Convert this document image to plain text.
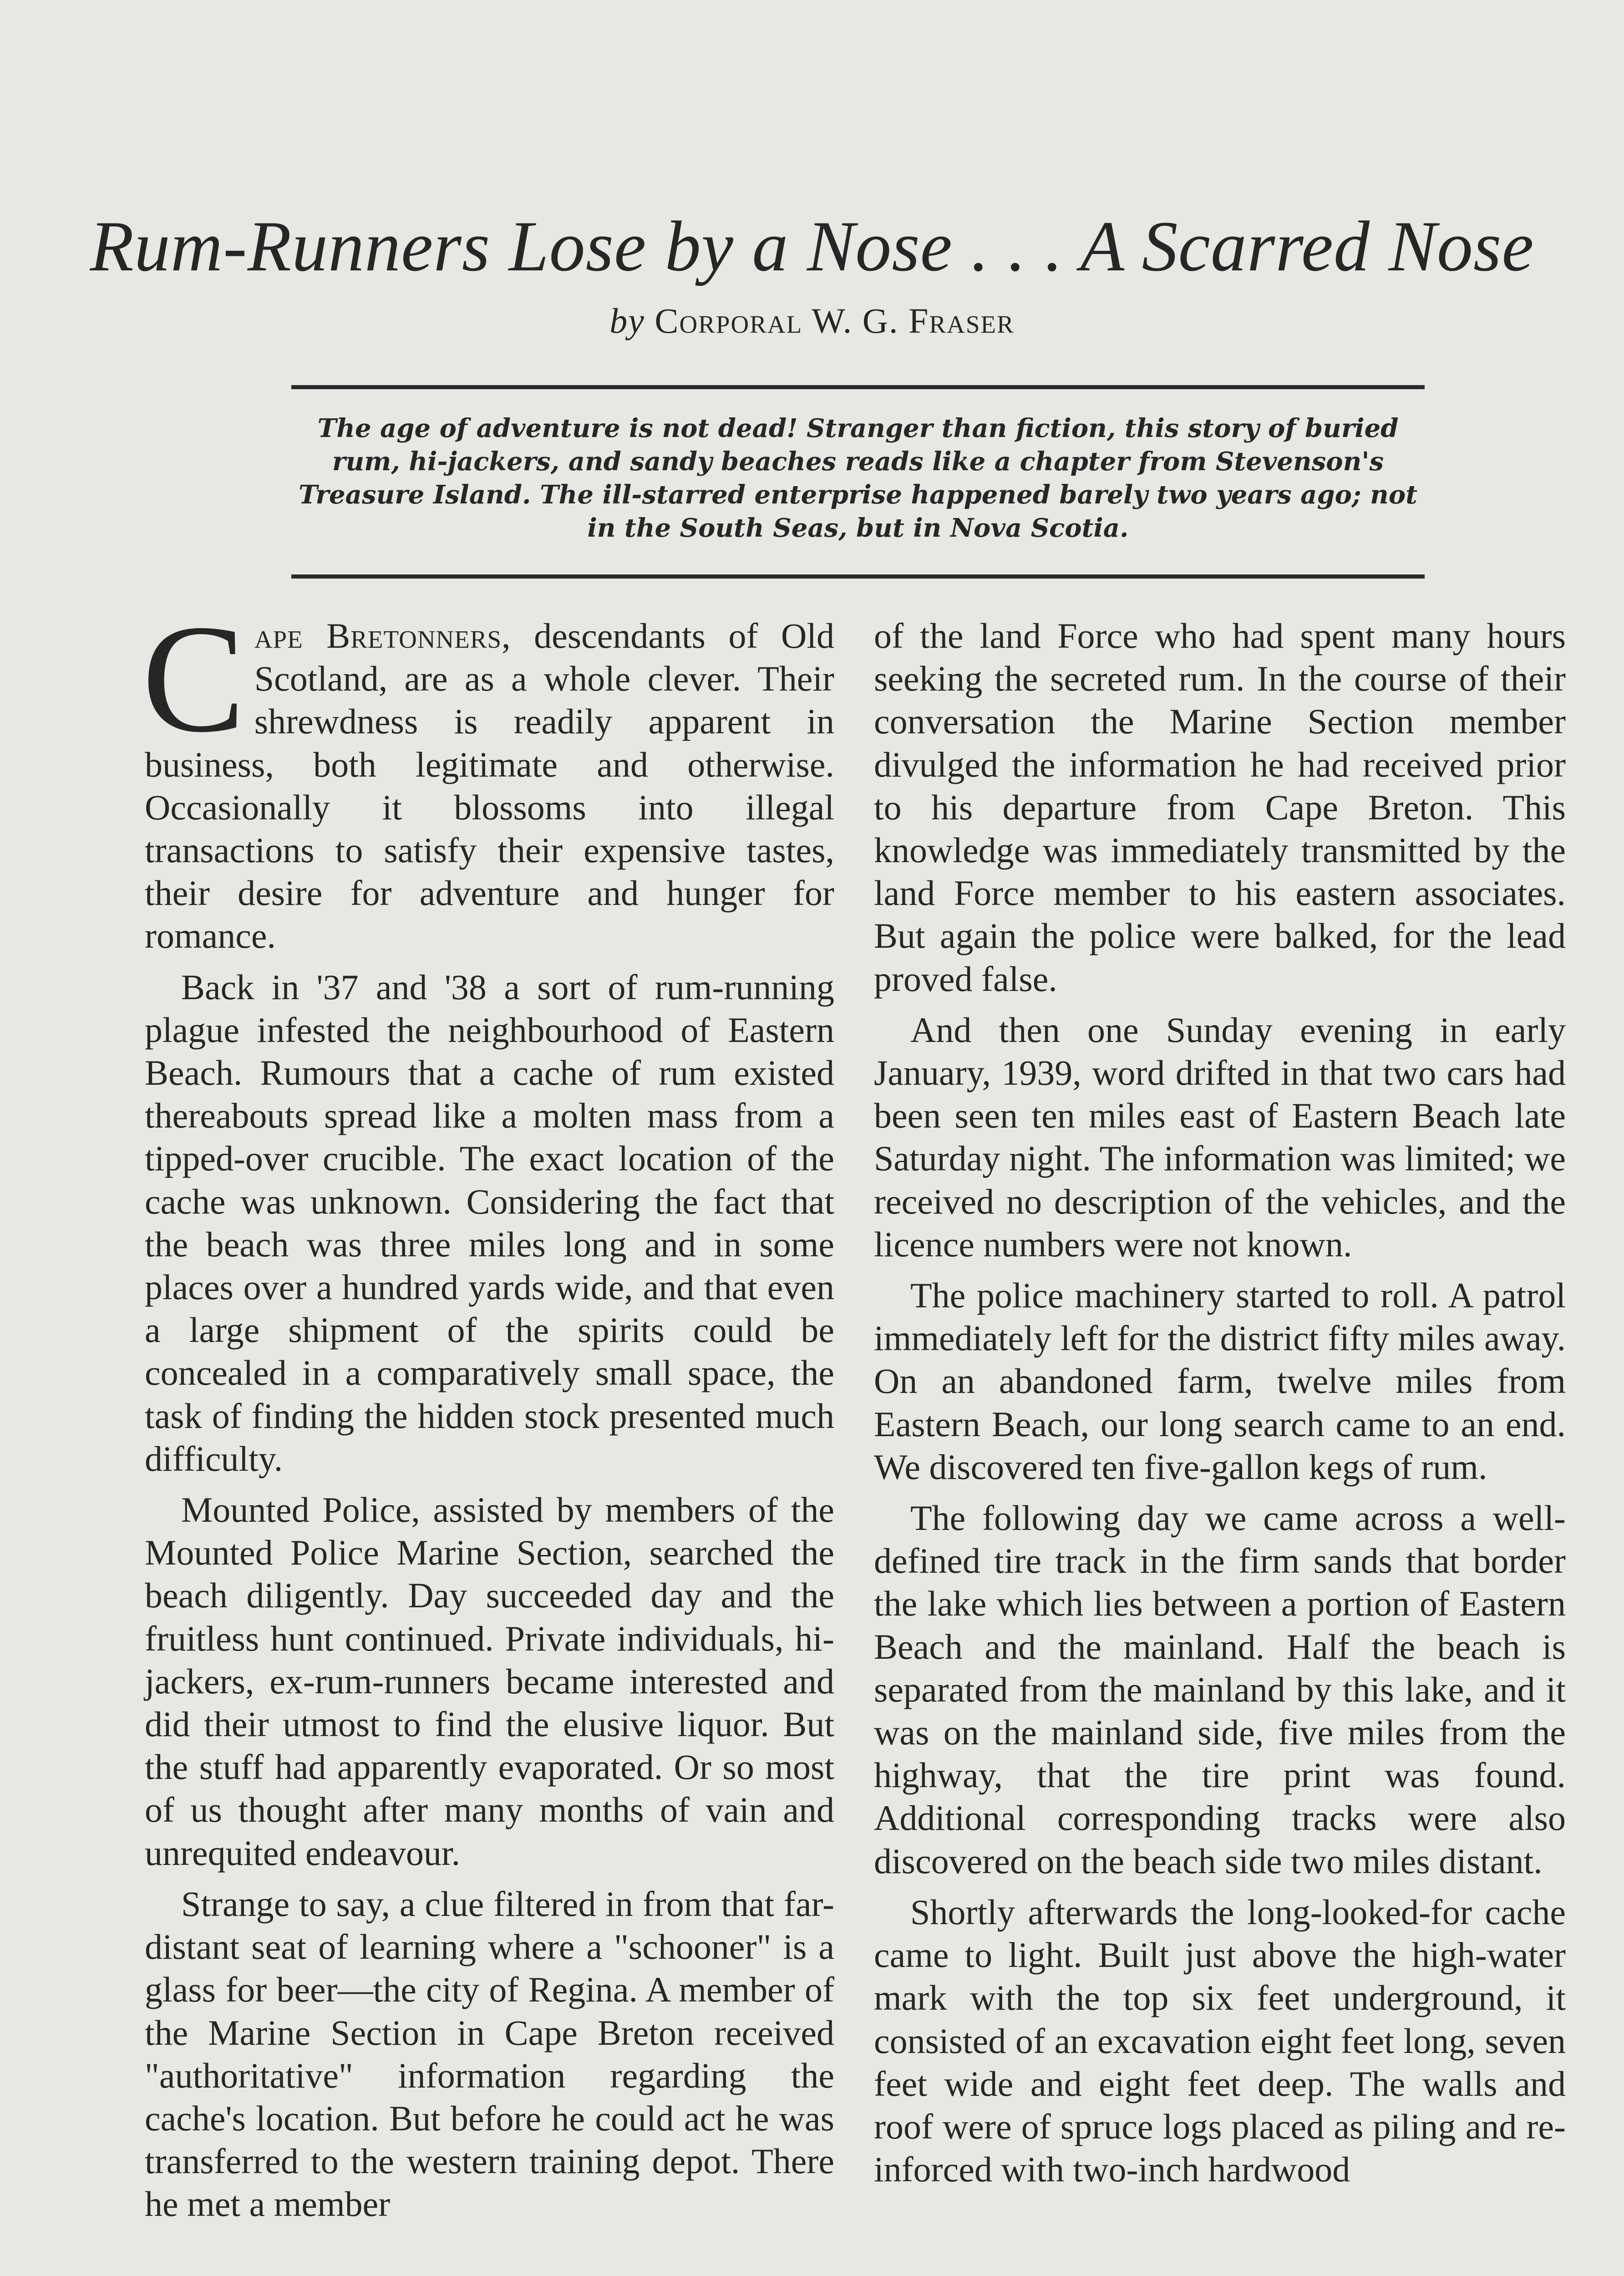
Rum-Runners Lose by a Nose . . . A Scarred Nose
by Corporal W. G. Fraser
The age of adventure is not dead! Stranger than fiction, this story of buried rum, hi-jackers, and sandy beaches reads like a chapter from Stevenson's Treasure Island. The ill-starred enterprise happened barely two years ago; not in the South Seas, but in Nova Scotia.

Cape Bretonners, descendants of Old Scotland, are as a whole clever. Their shrewdness is readily apparent in business, both legitimate and otherwise. Occasionally it blossoms into illegal transactions to satisfy their expensive tastes, their desire for adventure and hunger for romance.

Back in '37 and '38 a sort of rum-running plague infested the neighbourhood of Eastern Beach. Rumours that a cache of rum existed thereabouts spread like a molten mass from a tipped-over crucible. The exact location of the cache was unknown. Considering the fact that the beach was three miles long and in some places over a hundred yards wide, and that even a large shipment of the spirits could be concealed in a comparatively small space, the task of finding the hidden stock presented much difficulty.

Mounted Police, assisted by members of the Mounted Police Marine Section, searched the beach diligently. Day succeeded day and the fruitless hunt continued. Private individuals, hi-jackers, ex-rum-runners became interested and did their utmost to find the elusive liquor. But the stuff had apparently evaporated. Or so most of us thought after many months of vain and unrequited endeavour.

Strange to say, a clue filtered in from that far-distant seat of learning where a "schooner" is a glass for beer—the city of Regina. A member of the Marine Section in Cape Breton received "authoritative" information regarding the cache's location. But before he could act he was transferred to the western training depot. There he met a member

of the land Force who had spent many hours seeking the secreted rum. In the course of their conversation the Marine Section member divulged the information he had received prior to his departure from Cape Breton. This knowledge was immediately transmitted by the land Force member to his eastern associates. But again the police were balked, for the lead proved false.

And then one Sunday evening in early January, 1939, word drifted in that two cars had been seen ten miles east of Eastern Beach late Saturday night. The information was limited; we received no description of the vehicles, and the licence numbers were not known.

The police machinery started to roll. A patrol immediately left for the district fifty miles away. On an abandoned farm, twelve miles from Eastern Beach, our long search came to an end. We discovered ten five-gallon kegs of rum.

The following day we came across a well-defined tire track in the firm sands that border the lake which lies between a portion of Eastern Beach and the mainland. Half the beach is separated from the mainland by this lake, and it was on the mainland side, five miles from the highway, that the tire print was found. Additional corresponding tracks were also discovered on the beach side two miles distant.

Shortly afterwards the long-looked-for cache came to light. Built just above the high-water mark with the top six feet underground, it consisted of an excavation eight feet long, seven feet wide and eight feet deep. The walls and roof were of spruce logs placed as piling and re-inforced with two-inch hardwood
